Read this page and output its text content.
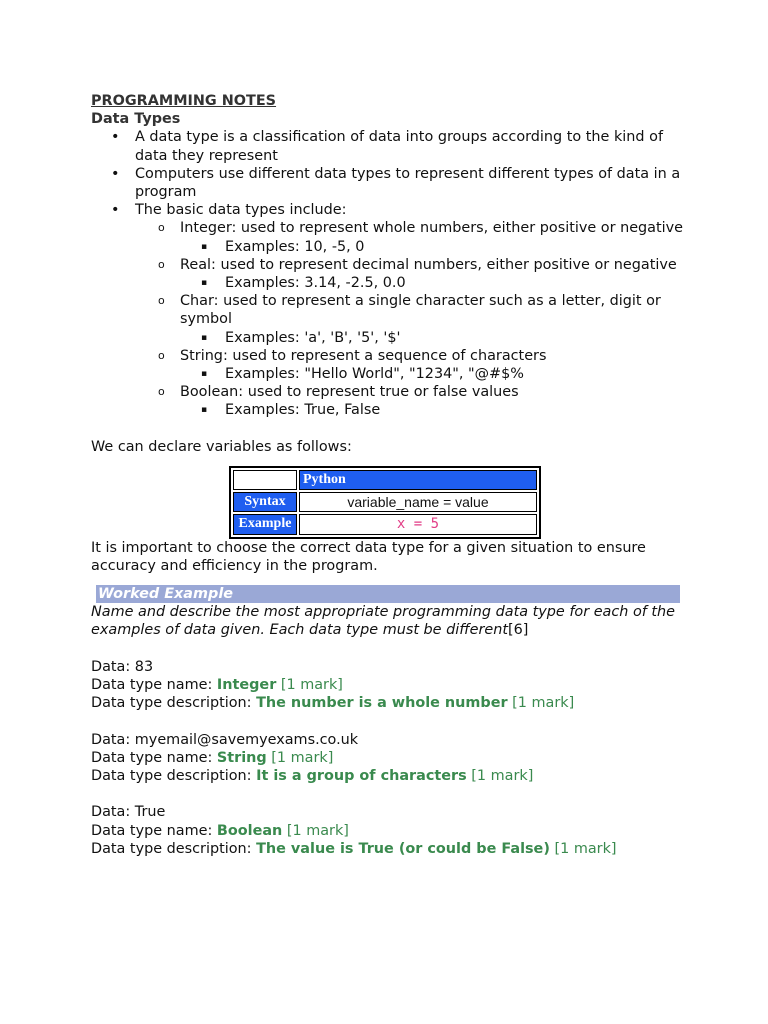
PROGRAMMING NOTES
Data Types
• A data type is a classification of data into groups according to the kind of data they represent
• Computers use different data types to represent different types of data in a program
• The basic data types include:
o Integer: used to represent whole numbers, either positive or negative
▪ Examples: 10, -5, 0
o Real: used to represent decimal numbers, either positive or negative
▪ Examples: 3.14, -2.5, 0.0
o Char: used to represent a single character such as a letter, digit or symbol
▪ Examples: 'a', 'B', '5', '$'
o String: used to represent a sequence of characters
▪ Examples: "Hello World", "1234", "@#$%
o Boolean: used to represent true or false values
▪ Examples: True, False
We can declare variables as follows:
	Python
Syntax	variable_name = value
Example	x = 5
It is important to choose the correct data type for a given situation to ensure accuracy and efficiency in the program.
Worked Example
Name and describe the most appropriate programming data type for each of the examples of data given. Each data type must be different[6]
Data: 83
Data type name: Integer [1 mark]
Data type description: The number is a whole number [1 mark]
Data: myemail@savemyexams.co.uk
Data type name: String [1 mark]
Data type description: It is a group of characters [1 mark]
Data: True
Data type name: Boolean [1 mark]
Data type description: The value is True (or could be False) [1 mark]
